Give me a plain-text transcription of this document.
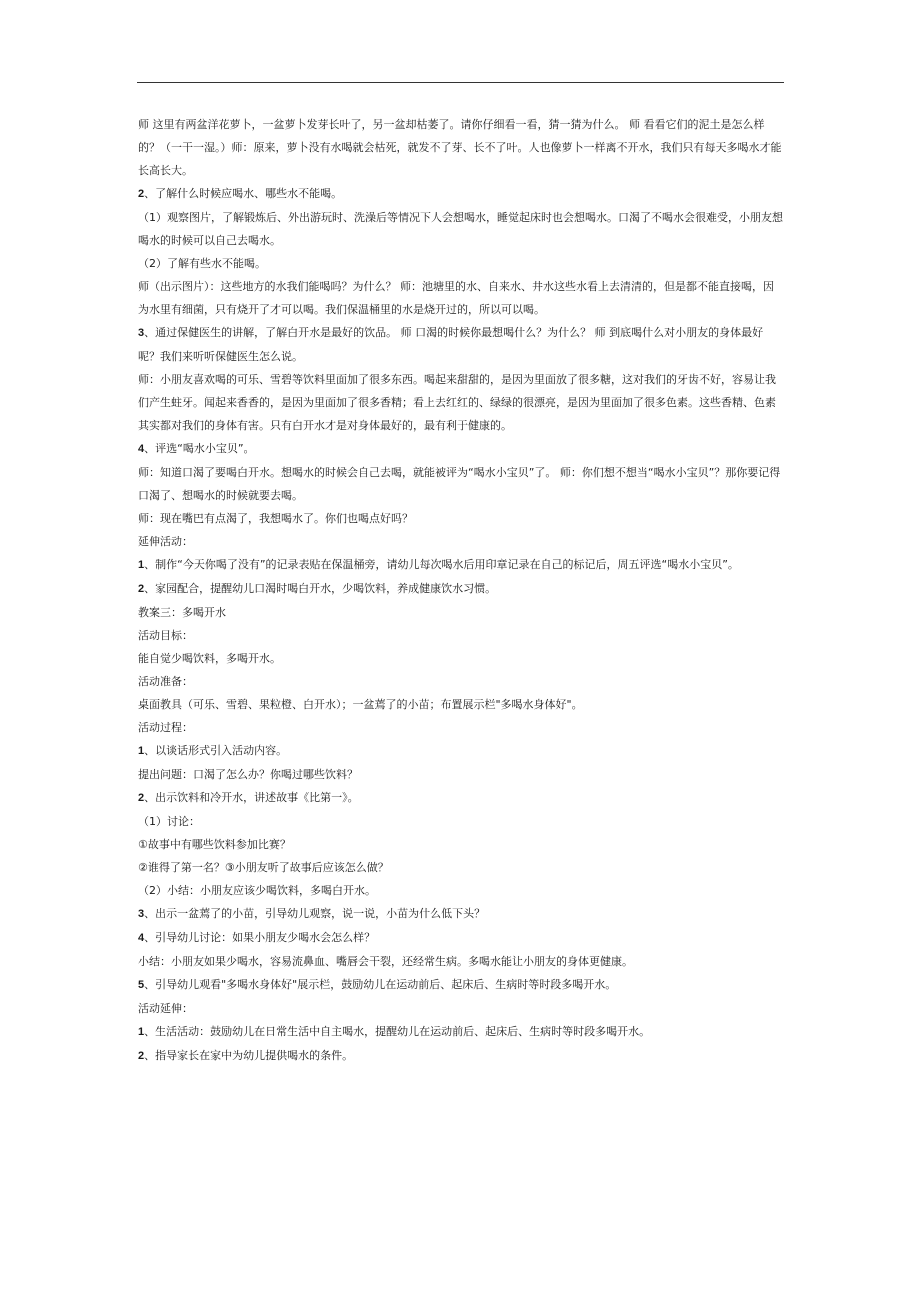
师 这里有两盆洋花萝卜，一盆萝卜发芽长叶了，另一盆却枯萎了。请你仔细看一看，猜一猜为什么。 师 看看它们的泥土是怎么样的？（一干一湿。）师：原来，萝卜没有水喝就会枯死，就发不了芽、长不了叶。人也像萝卜一样离不开水，我们只有每天多喝水才能长高长大。

2、了解什么时候应喝水、哪些水不能喝。

（1）观察图片，了解锻炼后、外出游玩时、洗澡后等情况下人会想喝水，睡觉起床时也会想喝水。口渴了不喝水会很难受，小朋友想喝水的时候可以自己去喝水。

（2）了解有些水不能喝。

师（出示图片）：这些地方的水我们能喝吗？为什么？ 师：池塘里的水、自来水、井水这些水看上去清清的，但是都不能直接喝，因为水里有细菌，只有烧开了才可以喝。我们保温桶里的水是烧开过的，所以可以喝。

3、通过保健医生的讲解，了解白开水是最好的饮品。 师 口渴的时候你最想喝什么？为什么？ 师 到底喝什么对小朋友的身体最好呢？我们来听听保健医生怎么说。

师：小朋友喜欢喝的可乐、雪碧等饮料里面加了很多东西。喝起来甜甜的，是因为里面放了很多糖，这对我们的牙齿不好，容易让我们产生蛀牙。闻起来香香的，是因为里面加了很多香精；看上去红红的、绿绿的很漂亮，是因为里面加了很多色素。这些香精、色素其实都对我们的身体有害。只有白开水才是对身体最好的，最有利于健康的。

4、评选“喝水小宝贝”。

师：知道口渴了要喝白开水。想喝水的时候会自己去喝，就能被评为“喝水小宝贝”了。 师：你们想不想当“喝水小宝贝”？那你要记得口渴了、想喝水的时候就要去喝。

师：现在嘴巴有点渴了，我想喝水了。你们也喝点好吗？

延伸活动：

1、制作“今天你喝了没有”的记录表贴在保温桶旁，请幼儿每次喝水后用印章记录在自己的标记后，周五评选“喝水小宝贝”。

2、家园配合，提醒幼儿口渴时喝白开水，少喝饮料，养成健康饮水习惯。

教案三：多喝开水

活动目标：

能自觉少喝饮料，多喝开水。

活动准备：

桌面教具（可乐、雪碧、果粒橙、白开水）；一盆蔫了的小苗；布置展示栏"多喝水身体好"。

活动过程：

1、以谈话形式引入活动内容。

提出问题：口渴了怎么办？你喝过哪些饮料？

2、出示饮料和冷开水，讲述故事《比第一》。

（1）讨论：

①故事中有哪些饮料参加比赛？

②谁得了第一名？③小朋友听了故事后应该怎么做？

（2）小结：小朋友应该少喝饮料，多喝白开水。

3、出示一盆蔫了的小苗，引导幼儿观察，说一说，小苗为什么低下头？

4、引导幼儿讨论：如果小朋友少喝水会怎么样？

小结：小朋友如果少喝水，容易流鼻血、嘴唇会干裂，还经常生病。多喝水能让小朋友的身体更健康。

5、引导幼儿观看"多喝水身体好"展示栏，鼓励幼儿在运动前后、起床后、生病时等时段多喝开水。

活动延伸：

1、生活活动：鼓励幼儿在日常生活中自主喝水，提醒幼儿在运动前后、起床后、生病时等时段多喝开水。

2、指导家长在家中为幼儿提供喝水的条件。
